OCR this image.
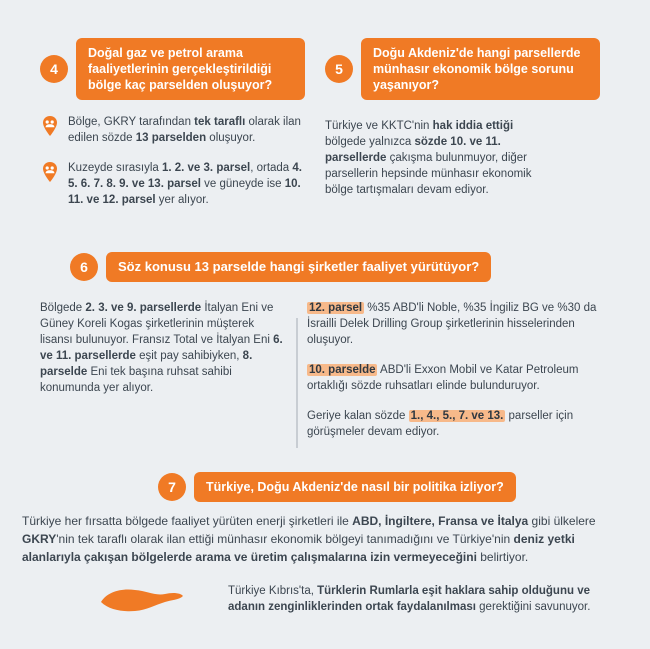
4
Doğal gaz ve petrol arama faaliyetlerinin gerçekleştirildiği bölge kaç parselden oluşuyor?
Bölge, GKRY tarafından tek taraflı olarak ilan edilen sözde 13 parselden oluşuyor.
Kuzeyde sırasıyla 1. 2. ve 3. parsel, ortada 4. 5. 6. 7. 8. 9. ve 13. parsel ve güneyde ise 10. 11. ve 12. parsel yer alıyor.
5
Doğu Akdeniz'de hangi parsellerde münhasır ekonomik bölge sorunu yaşanıyor?
Türkiye ve KKTC'nin hak iddia ettiği bölgede yalnızca sözde 10. ve 11. parsellerde çakışma bulunmuyor, diğer parsellerin hepsinde münhasır ekonomik bölge tartışmaları devam ediyor.
6	Söz konusu 13 parselde hangi şirketler faaliyet yürütüyor?
Bölgede 2. 3. ve 9. parsellerde İtalyan Eni ve Güney Koreli Kogas şirketlerinin müşterek lisansı bulunuyor. Fransız Total ve İtalyan Eni 6. ve 11. parsellerde eşit pay sahibiyken, 8. parselde Eni tek başına ruhsat sahibi konumunda yer alıyor.

12. parsel %35 ABD'li Noble, %35 İngiliz BG ve %30 da İsrailli Delek Drilling Group şirketlerinin hisselerinden oluşuyor.

10. parselde ABD'li Exxon Mobil ve Katar Petroleum ortaklığı sözde ruhsatları elinde bulunduruyor.

Geriye kalan sözde 1., 4., 5., 7. ve 13. parseller için görüşmeler devam ediyor.

7	Türkiye, Doğu Akdeniz'de nasıl bir politika izliyor?
Türkiye her fırsatta bölgede faaliyet yürüten enerji şirketleri ile ABD, İngiltere, Fransa ve İtalya gibi ülkelere GKRY'nin tek taraflı olarak ilan ettiği münhasır ekonomik bölgeyi tanımadığını ve Türkiye'nin deniz yetki alanlarıyla çakışan bölgelerde arama ve üretim çalışmalarına izin vermeyeceğini belirtiyor.
Türkiye Kıbrıs'ta, Türklerin Rumlarla eşit haklara sahip olduğunu ve adanın zenginliklerinden ortak faydalanılması gerektiğini savunuyor.
